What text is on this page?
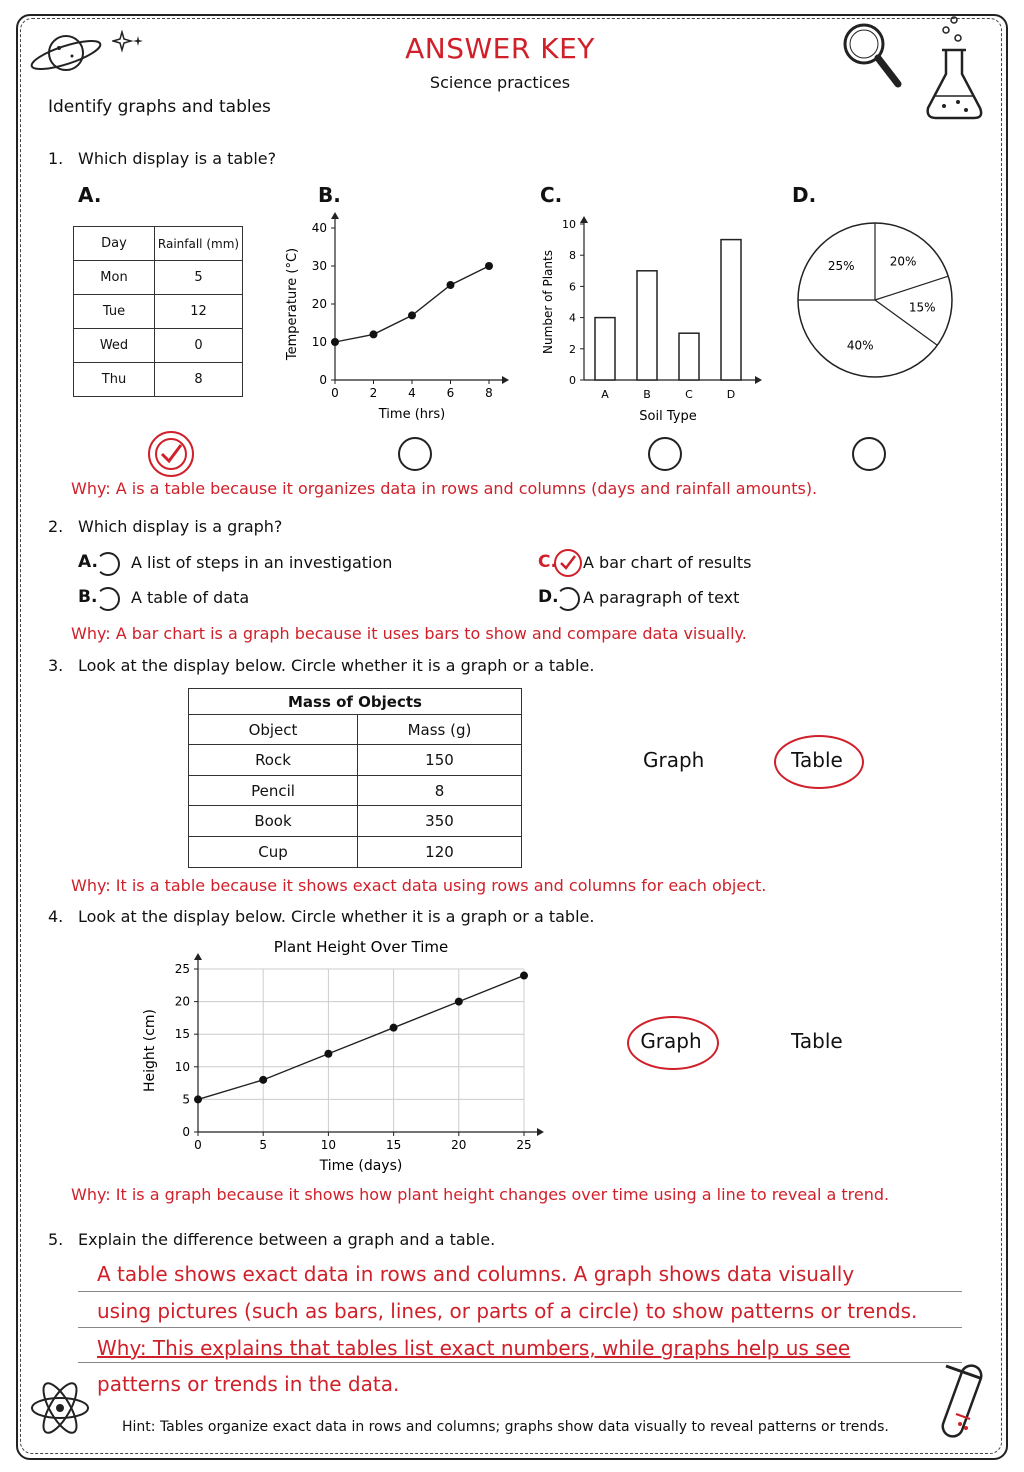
ANSWER KEY
Science practices
Identify graphs and tables
1. Which display is a table?
A.	B.	C.	D.
Day	Rainfall (mm)
Mon	5
Tue	12
Wed	0
Thu	8
0	2	4	6	8
0
10
20
30
40
Time (hrs)
Temperature (°C)
0
2
4
6
8
10
A	B	C	D
Soil Type
Number of Plants	25%	20%
15%
40%
Why: A is a table because it organizes data in rows and columns (days and rainfall amounts).
2. Which display is a graph?
A. A list of steps in an investigation
B. A table of data
C. A bar chart of results
D. A paragraph of text
Why: A bar chart is a graph because it uses bars to show and compare data visually.
3. Look at the display below. Circle whether it is a graph or a table.
Mass of Objects	
Object	Mass (g)
Rock	150
Pencil	8
Book	350
Cup	120
Graph	Table
Why: It is a table because it shows exact data using rows and columns for each object.
4. Look at the display below. Circle whether it is a graph or a table.
0	5	10	15	20	25
0
5
10
15
20
25
Time (days)
Height (cm)
Plant Height Over Time
Graph	Table
Why: It is a graph because it shows how plant height changes over time using a line to reveal a trend.
5. Explain the difference between a graph and a table.
A table shows exact data in rows and columns. A graph shows data visually
using pictures (such as bars, lines, or parts of a circle) to show patterns or trends.
Why: This explains that tables list exact numbers, while graphs help us see
patterns or trends in the data.
Hint: Tables organize exact data in rows and columns; graphs show data visually to reveal patterns or trends.
